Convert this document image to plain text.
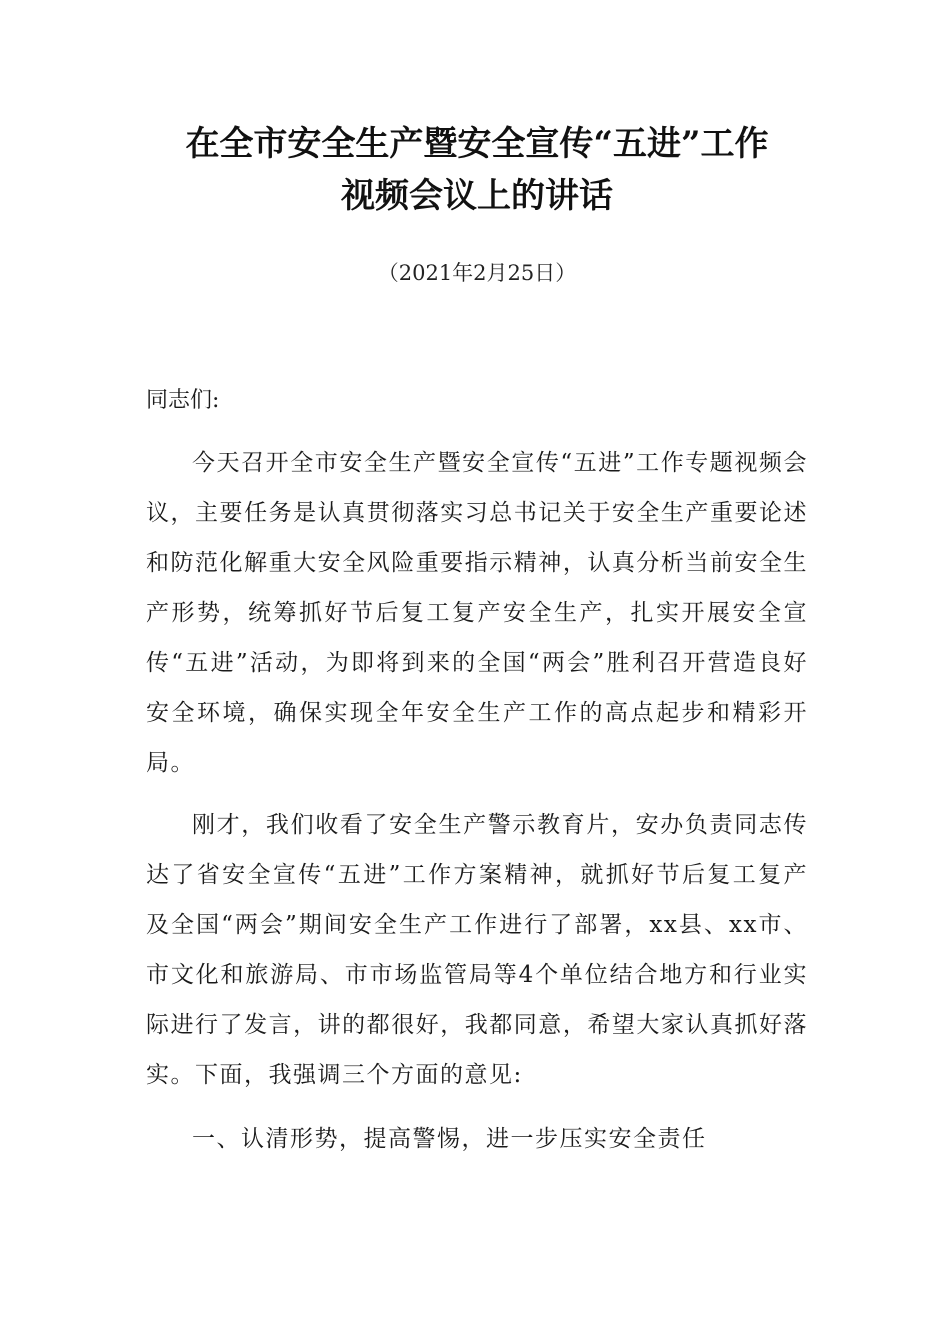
在全市安全生产暨安全宣传“五进”工作
视频会议上的讲话
（2021年2月25日）
同志们:

今天召开全市安全生产暨安全宣传“五进”工作专题视频会议，主要任务是认真贯彻落实习总书记关于安全生产重要论述和防范化解重大安全风险重要指示精神，认真分析当前安全生产形势，统筹抓好节后复工复产安全生产，扎实开展安全宣传“五进”活动，为即将到来的全国“两会”胜利召开营造良好安全环境，确保实现全年安全生产工作的高点起步和精彩开局。

刚才，我们收看了安全生产警示教育片，安办负责同志传达了省安全宣传“五进”工作方案精神，就抓好节后复工复产及全国“两会”期间安全生产工作进行了部署，xx县、xx市、市文化和旅游局、市市场监管局等4个单位结合地方和行业实际进行了发言，讲的都很好，我都同意，希望大家认真抓好落实。下面，我强调三个方面的意见:

一、认清形势，提高警惕，进一步压实安全责任
